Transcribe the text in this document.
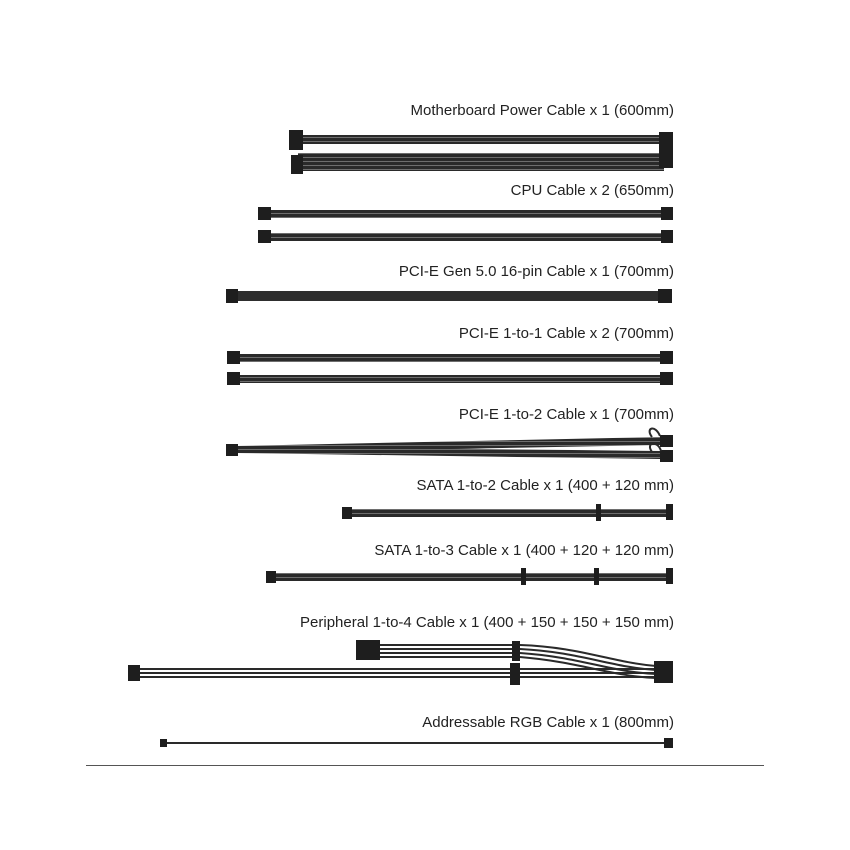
Motherboard Power Cable x 1 (600mm)
CPU Cable x 2 (650mm)
PCI-E Gen 5.0 16-pin Cable x 1 (700mm)
PCI-E 1-to-1 Cable x 2 (700mm)
PCI-E 1-to-2 Cable x 1 (700mm)
SATA 1-to-2 Cable x 1 (400 + 120 mm)
SATA 1-to-3 Cable x 1 (400 + 120 + 120 mm)
Peripheral 1-to-4 Cable x 1 (400 + 150 + 150 + 150 mm)
Addressable RGB Cable x 1 (800mm)
